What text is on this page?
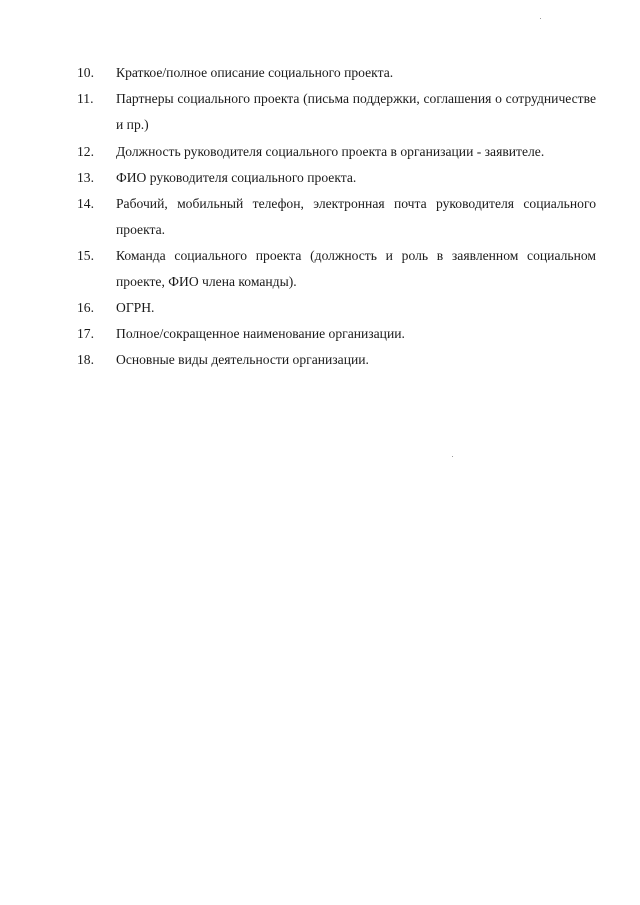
10.	Краткое/полное описание социального проекта.
11.	Партнеры социального проекта (письма поддержки, соглашения о сотрудничестве и пр.)
12.	Должность руководителя социального проекта в организации - заявителе.
13.	ФИО руководителя социального проекта.
14.	Рабочий, мобильный телефон, электронная почта руководителя социального проекта.
15.	Команда социального проекта (должность и роль в заявленном социальном проекте, ФИО члена команды).
16.	ОГРН.
17.	Полное/сокращенное наименование организации.
18.	Основные виды деятельности организации.
